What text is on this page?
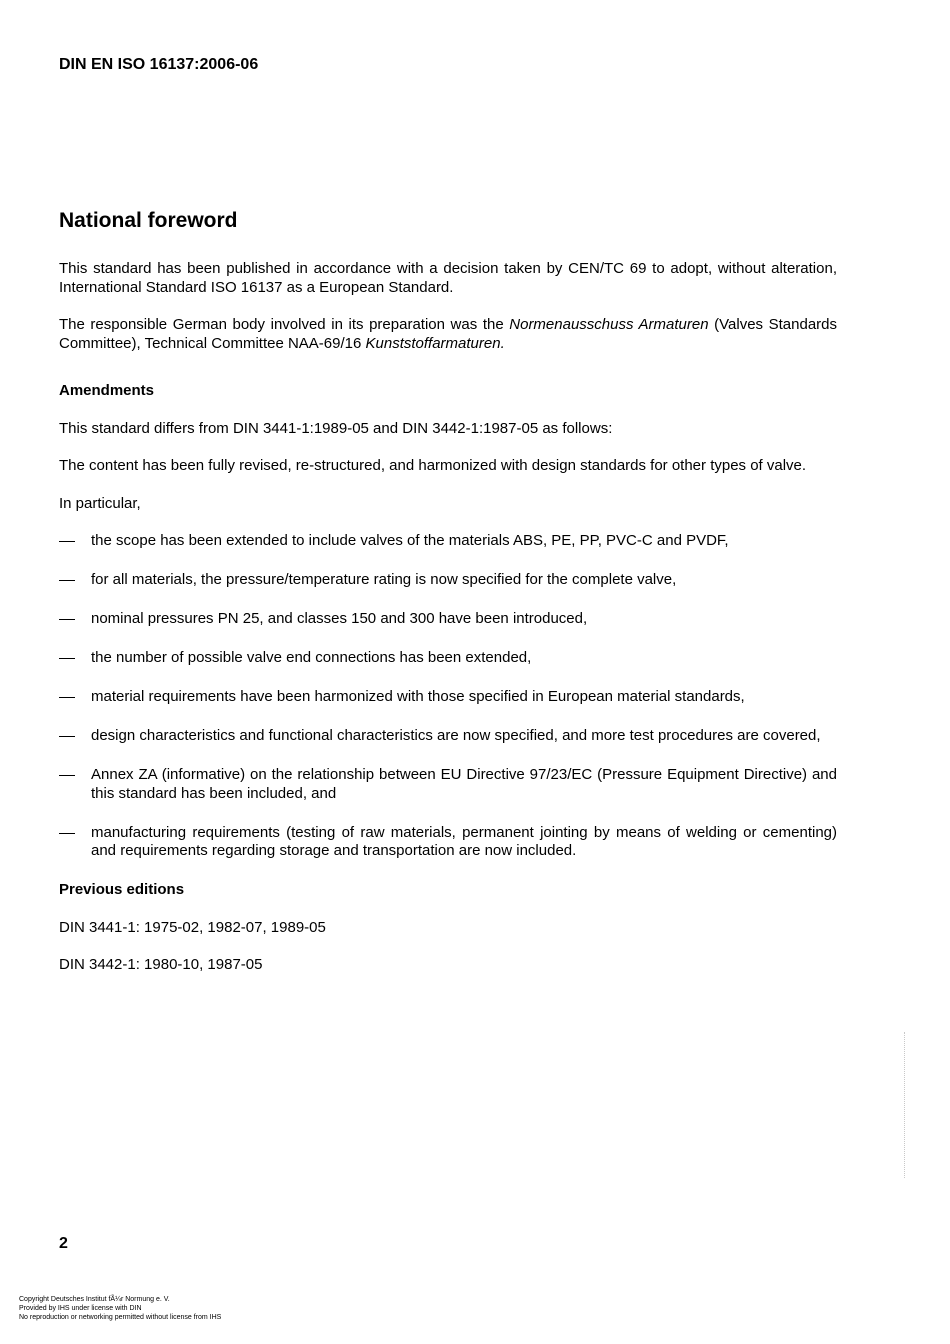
DIN EN ISO 16137:2006-06
National foreword

This standard has been published in accordance with a decision taken by CEN/TC 69 to adopt, without alteration, International Standard ISO 16137 as a European Standard.

The responsible German body involved in its preparation was the Normenausschuss Armaturen (Valves Standards Committee), Technical Committee NAA-69/16 Kunststoffarmaturen.

Amendments

This standard differs from DIN 3441-1:1989-05 and DIN 3442-1:1987-05 as follows:

The content has been fully revised, re-structured, and harmonized with design standards for other types of valve.

In particular,

the scope has been extended to include valves of the materials ABS, PE, PP, PVC-C and PVDF,
for all materials, the pressure/temperature rating is now specified for the complete valve,
nominal pressures PN 25, and classes 150 and 300 have been introduced,
the number of possible valve end connections has been extended,
material requirements have been harmonized with those specified in European material standards,
design characteristics and functional characteristics are now specified, and more test procedures are covered,
Annex ZA (informative) on the relationship between EU Directive 97/23/EC (Pressure Equipment Directive) and this standard has been included, and
manufacturing requirements (testing of raw materials, permanent jointing by means of welding or cementing) and requirements regarding storage and transportation are now included.
Previous editions

DIN 3441-1: 1975-02, 1982-07, 1989-05

DIN 3442-1: 1980-10, 1987-05

2
Copyright Deutsches Institut fÃ¼r Normung e. V.
Provided by IHS under license with DIN
No reproduction or networking permitted without license from IHS
